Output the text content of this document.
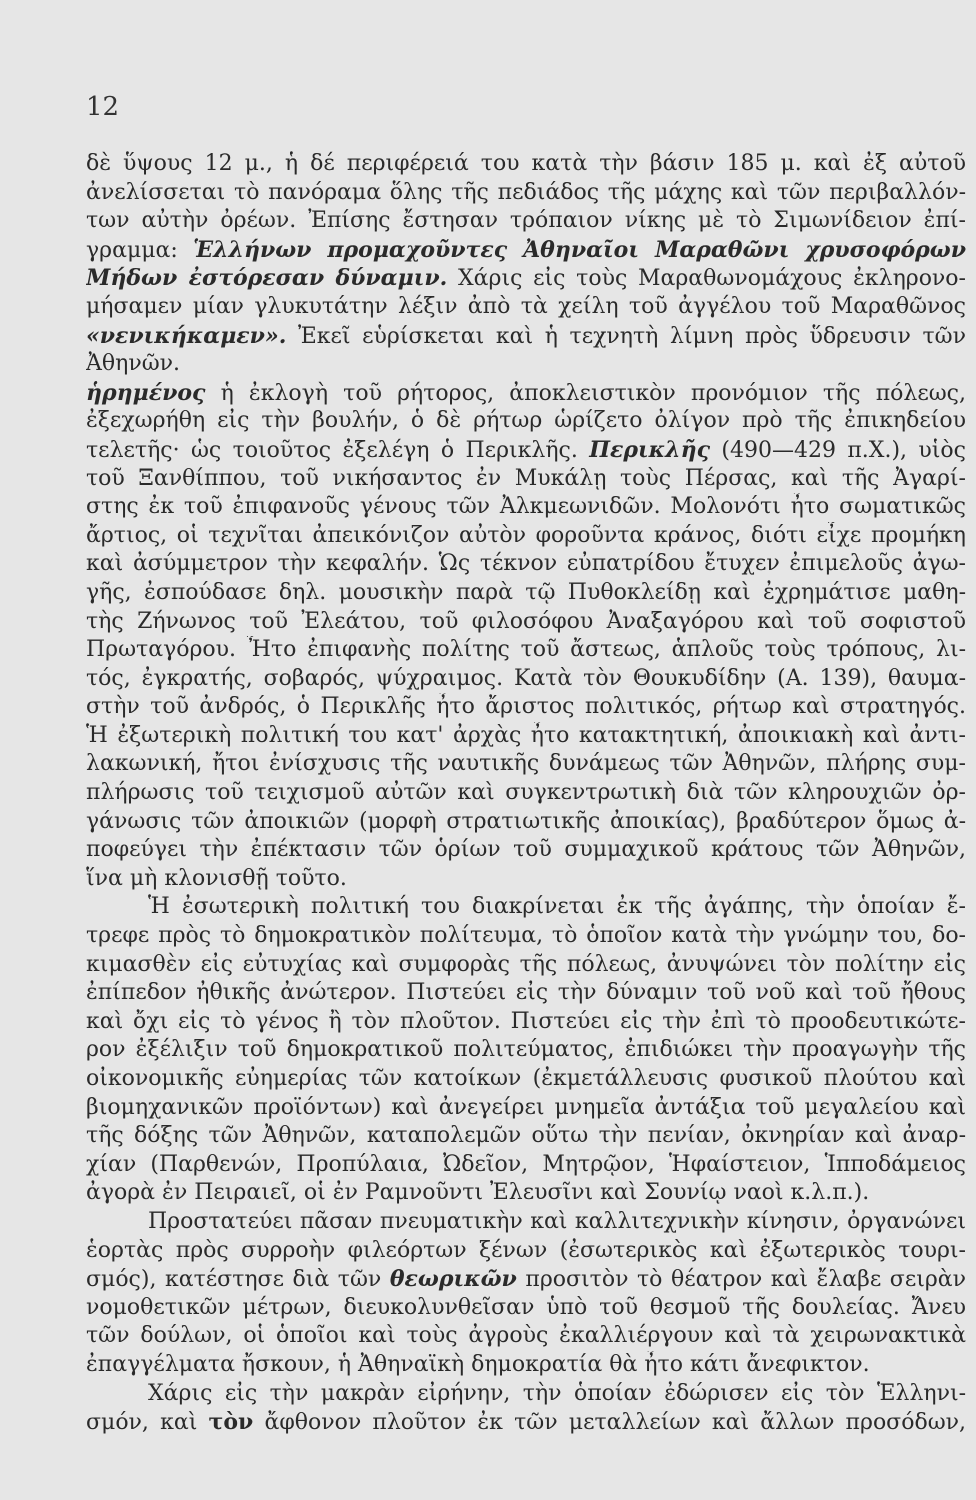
12
δὲ ὕψους 12 μ., ἡ δέ περιφέρειά του κατὰ τὴν βάσιν 185 μ. καὶ ἐξ αὐτοῦ
ἀνελίσσεται τὸ πανόραμα ὅλης τῆς πεδιάδος τῆς μάχης καὶ τῶν περιβαλλόν-
των αὐτὴν ὀρέων. Ἐπίσης ἔστησαν τρόπαιον νίκης μὲ τὸ Σιμωνίδειον ἐπί-
γραμμα: Ἑλλήνων προμαχοῦντες Ἀθηναῖοι Μαραθῶνι χρυσοφόρων
Μήδων ἐστόρεσαν δύναμιν. Χάρις εἰς τοὺς Μαραθωνομάχους ἐκληρονο-
μήσαμεν μίαν γλυκυτάτην λέξιν ἀπὸ τὰ χείλη τοῦ ἀγγέλου τοῦ Μαραθῶνος
«νενικήκαμεν». Ἐκεῖ εὑρίσκεται καὶ ἡ τεχνητὴ λίμνη πρὸς ὕδρευσιν τῶν
Ἀθηνῶν.
ἡρημένος ἡ ἐκλογὴ τοῦ ρήτορος, ἀποκλειστικὸν προνόμιον τῆς πόλεως,
ἐξεχωρήθη εἰς τὴν βουλήν, ὁ δὲ ρήτωρ ὡρίζετο ὀλίγον πρὸ τῆς ἐπικηδείου
τελετῆς· ὡς τοιοῦτος ἐξελέγη ὁ Περικλῆς. Περικλῆς (490—429 π.Χ.), υἱὸς
τοῦ Ξανθίππου, τοῦ νικήσαντος ἐν Μυκάλῃ τοὺς Πέρσας, καὶ τῆς Ἀγαρί-
στης ἐκ τοῦ ἐπιφανοῦς γένους τῶν Ἀλκμεωνιδῶν. Μολονότι ἦτο σωματικῶς
ἄρτιος, οἱ τεχνῖται ἀπεικόνιζον αὐτὸν φοροῦντα κράνος, διότι εἶχε προμήκη
καὶ ἀσύμμετρον τὴν κεφαλήν. Ὡς τέκνον εὐπατρίδου ἔτυχεν ἐπιμελοῦς ἀγω-
γῆς, ἐσπούδασε δηλ. μουσικὴν παρὰ τῷ Πυθοκλείδῃ καὶ ἐχρημάτισε μαθη-
τὴς Ζήνωνος τοῦ Ἐλεάτου, τοῦ φιλοσόφου Ἀναξαγόρου καὶ τοῦ σοφιστοῦ
Πρωταγόρου. Ἦτο ἐπιφανὴς πολίτης τοῦ ἄστεως, ἁπλοῦς τοὺς τρόπους, λι-
τός, ἐγκρατής, σοβαρός, ψύχραιμος. Κατὰ τὸν Θουκυδίδην (Α. 139), θαυμα-
στὴν τοῦ ἀνδρός, ὁ Περικλῆς ἦτο ἄριστος πολιτικός, ρήτωρ καὶ στρατηγός.
Ἡ ἐξωτερικὴ πολιτική του κατ' ἀρχὰς ἦτο κατακτητική, ἀποικιακὴ καὶ ἀντι-
λακωνική, ἤτοι ἐνίσχυσις τῆς ναυτικῆς δυνάμεως τῶν Ἀθηνῶν, πλήρης συμ-
πλήρωσις τοῦ τειχισμοῦ αὐτῶν καὶ συγκεντρωτικὴ διὰ τῶν κληρουχιῶν ὀρ-
γάνωσις τῶν ἀποικιῶν (μορφὴ στρατιωτικῆς ἀποικίας), βραδύτερον ὅμως ἀ-
ποφεύγει τὴν ἐπέκτασιν τῶν ὁρίων τοῦ συμμαχικοῦ κράτους τῶν Ἀθηνῶν,
ἵνα μὴ κλονισθῇ τοῦτο.
Ἡ ἐσωτερικὴ πολιτική του διακρίνεται ἐκ τῆς ἀγάπης, τὴν ὁποίαν ἔ-
τρεφε πρὸς τὸ δημοκρατικὸν πολίτευμα, τὸ ὁποῖον κατὰ τὴν γνώμην του, δο-
κιμασθὲν εἰς εὐτυχίας καὶ συμφορὰς τῆς πόλεως, ἀνυψώνει τὸν πολίτην εἰς
ἐπίπεδον ἠθικῆς ἀνώτερον. Πιστεύει εἰς τὴν δύναμιν τοῦ νοῦ καὶ τοῦ ἤθους
καὶ ὄχι εἰς τὸ γένος ἢ τὸν πλοῦτον. Πιστεύει εἰς τὴν ἐπὶ τὸ προοδευτικώτε-
ρον ἐξέλιξιν τοῦ δημοκρατικοῦ πολιτεύματος, ἐπιδιώκει τὴν προαγωγὴν τῆς
οἰκονομικῆς εὐημερίας τῶν κατοίκων (ἐκμετάλλευσις φυσικοῦ πλούτου καὶ
βιομηχανικῶν προϊόντων) καὶ ἀνεγείρει μνημεῖα ἀντάξια τοῦ μεγαλείου καὶ
τῆς δόξης τῶν Ἀθηνῶν, καταπολεμῶν οὕτω τὴν πενίαν, ὀκνηρίαν καὶ ἀναρ-
χίαν (Παρθενών, Προπύλαια, Ὠδεῖον, Μητρῷον, Ἡφαίστειον, Ἱπποδάμειος
ἀγορὰ ἐν Πειραιεῖ, οἱ ἐν Ραμνοῦντι Ἐλευσῖνι καὶ Σουνίῳ ναοὶ κ.λ.π.).
Προστατεύει πᾶσαν πνευματικὴν καὶ καλλιτεχνικὴν κίνησιν, ὀργανώνει
ἑορτὰς πρὸς συρροὴν φιλεόρτων ξένων (ἐσωτερικὸς καὶ ἐξωτερικὸς τουρι-
σμός), κατέστησε διὰ τῶν θεωρικῶν προσιτὸν τὸ θέατρον καὶ ἔλαβε σειρὰν
νομοθετικῶν μέτρων, διευκολυνθεῖσαν ὑπὸ τοῦ θεσμοῦ τῆς δουλείας. Ἄνευ
τῶν δούλων, οἱ ὁποῖοι καὶ τοὺς ἀγροὺς ἐκαλλιέργουν καὶ τὰ χειρωνακτικὰ
ἐπαγγέλματα ἤσκουν, ἡ Ἀθηναϊκὴ δημοκρατία θὰ ἦτο κάτι ἄνεφικτον.
Χάρις εἰς τὴν μακρὰν εἰρήνην, τὴν ὁποίαν ἐδώρισεν εἰς τὸν Ἑλληνι-
σμόν, καὶ τὸν ἄφθονον πλοῦτον ἐκ τῶν μεταλλείων καὶ ἄλλων προσόδων,
